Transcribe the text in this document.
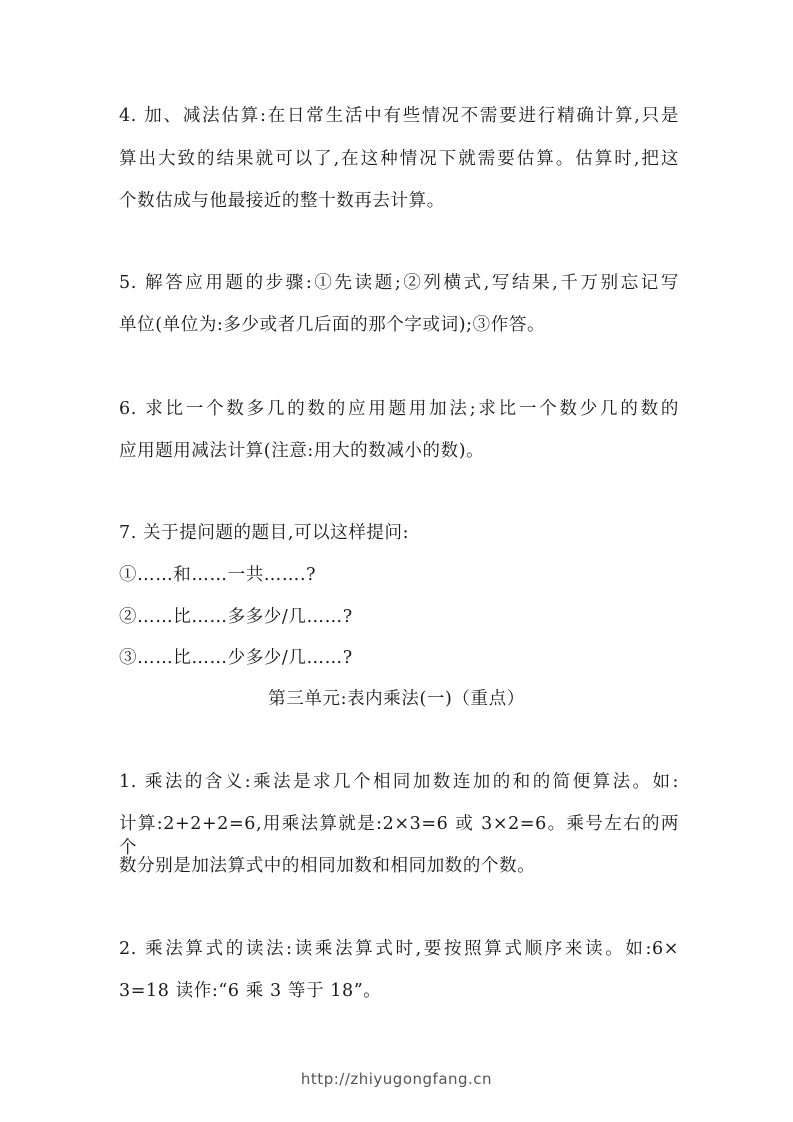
4. 加、减法估算:在日常生活中有些情况不需要进行精确计算,只是
算出大致的结果就可以了,在这种情况下就需要估算。估算时,把这
个数估成与他最接近的整十数再去计算。
5. 解答应用题的步骤:①先读题;②列横式,写结果,千万别忘记写
单位(单位为:多少或者几后面的那个字或词);③作答。
6. 求比一个数多几的数的应用题用加法;求比一个数少几的数的
应用题用减法计算(注意:用大的数减小的数)。
7. 关于提问题的题目,可以这样提问:
①……和……一共…….?
②……比……多多少/几……?
③……比……少多少/几……?
第三单元:表内乘法(一)（重点）
1. 乘法的含义:乘法是求几个相同加数连加的和的简便算法。如:
计算:2+2+2=6,用乘法算就是:2×3=6 或 3×2=6。乘号左右的两个
数分别是加法算式中的相同加数和相同加数的个数。
2. 乘法算式的读法:读乘法算式时,要按照算式顺序来读。如:6×
3=18 读作:“6 乘 3 等于 18”。
http://zhiyugongfang.cn
